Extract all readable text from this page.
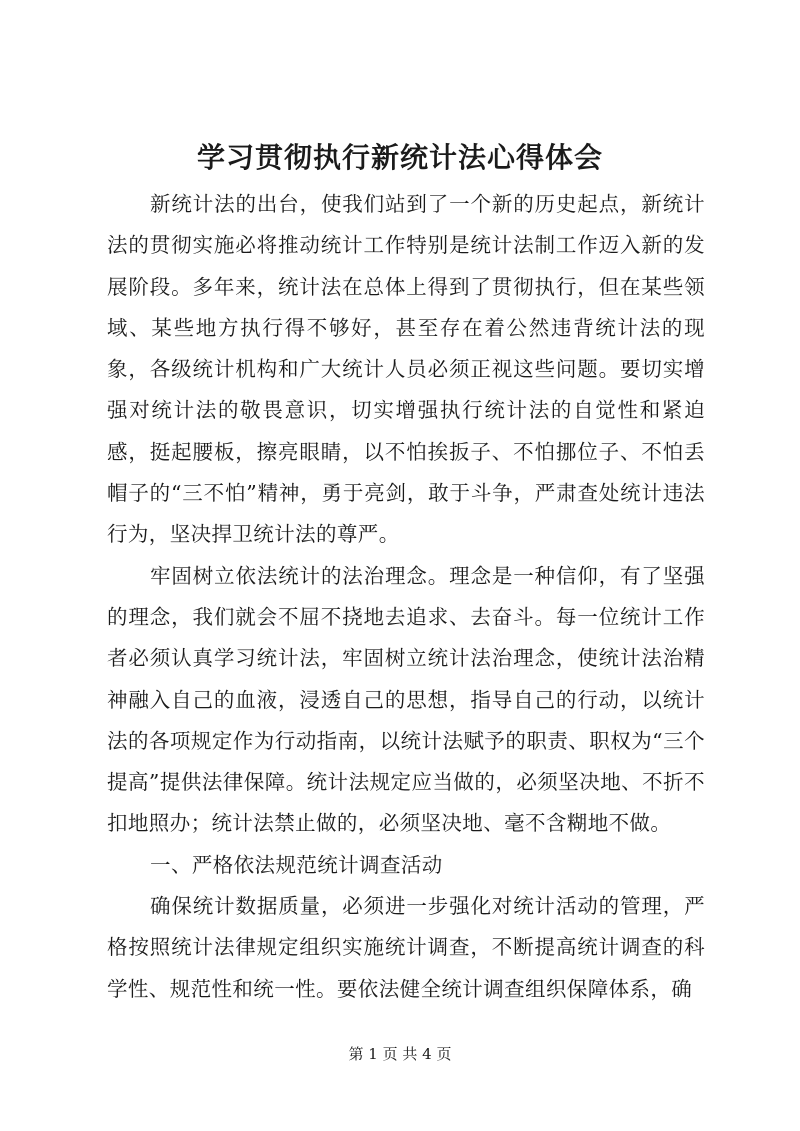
学习贯彻执行新统计法心得体会

新统计法的出台，使我们站到了一个新的历史起点，新统计法的贯彻实施必将推动统计工作特别是统计法制工作迈入新的发展阶段。多年来，统计法在总体上得到了贯彻执行，但在某些领域、某些地方执行得不够好，甚至存在着公然违背统计法的现象，各级统计机构和广大统计人员必须正视这些问题。要切实增强对统计法的敬畏意识，切实增强执行统计法的自觉性和紧迫感，挺起腰板，擦亮眼睛，以不怕挨扳子、不怕挪位子、不怕丢帽子的“三不怕”精神，勇于亮剑，敢于斗争，严肃查处统计违法行为，坚决捍卫统计法的尊严。

牢固树立依法统计的法治理念。理念是一种信仰，有了坚强的理念，我们就会不屈不挠地去追求、去奋斗。每一位统计工作者必须认真学习统计法，牢固树立统计法治理念，使统计法治精神融入自己的血液，浸透自己的思想，指导自己的行动，以统计法的各项规定作为行动指南，以统计法赋予的职责、职权为“三个提高”提供法律保障。统计法规定应当做的，必须坚决地、不折不扣地照办；统计法禁止做的，必须坚决地、毫不含糊地不做。

一、严格依法规范统计调查活动

确保统计数据质量，必须进一步强化对统计活动的管理，严格按照统计法律规定组织实施统计调查，不断提高统计调查的科学性、规范性和统一性。要依法健全统计调查组织保障体系，确

第 1 页 共 4 页
